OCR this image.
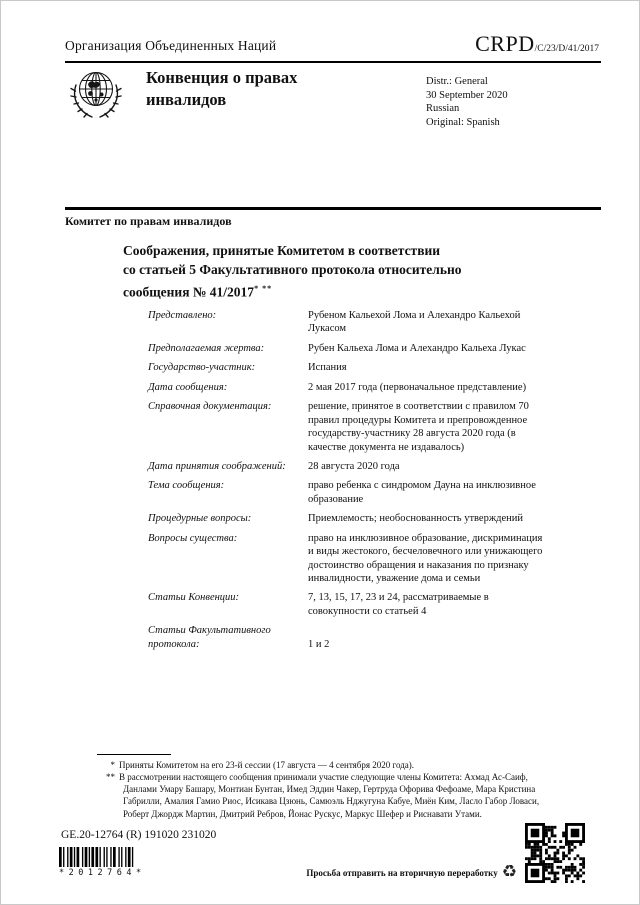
Организация Объединенных Наций	CRPD/C/23/D/41/2017
Конвенция о правах инвалидов
Distr.: General
30 September 2020
Russian
Original: Spanish
Комитет по правам инвалидов
Соображения, принятые Комитетом в соответствии
со статьей 5 Факультативного протокола относительно
сообщения № 41/2017* **
Представлено:	Рубеном Кальехой Лома и Алехандро Кальехой Лукасом
Предполагаемая жертва:	Рубен Кальеха Лома и Алехандро Кальеха Лукас
Государство-участник:	Испания
Дата сообщения:	2 мая 2017 года (первоначальное представление)
Справочная документация:	решение, принятое в соответствии с правилом 70 правил процедуры Комитета и препровожденное государству-участнику 28 августа 2020 года (в качестве документа не издавалось)
Дата принятия соображений:	28 августа 2020 года
Тема сообщения:	право ребенка с синдромом Дауна на инклюзивное образование
Процедурные вопросы:	Приемлемость; необоснованность утверждений
Вопросы существа:	право на инклюзивное образование, дискриминация и виды жестокого, бесчеловечного или унижающего достоинство обращения и наказания по признаку инвалидности, уважение дома и семьи
Статьи Конвенции:	7, 13, 15, 17, 23 и 24, рассматриваемые в совокупности со статьей 4
Статьи Факультативного протокола:	1 и 2
* Приняты Комитетом на его 23-й сессии (17 августа — 4 сентября 2020 года).
** В рассмотрении настоящего сообщения принимали участие следующие члены Комитета: Ахмад Ас-Саиф, Данлами Умару Башару, Монтиан Бунтан, Имед Эддин Чакер, Гертруда Офорива Фефоаме, Мара Кристина Габрилли, Амалия Гамио Риос, Исикава Цзюнь, Самюэль Нджугуна Кабуе, Миён Ким, Ласло Габор Ловаси, Роберт Джордж Мартин, Дмитрий Ребров, Йонас Рускус, Маркус Шефер и Риснавати Утами.
GE.20-12764 (R) 191020 231020
*2012764*	Просьба отправить на вторичную переработку ♻
